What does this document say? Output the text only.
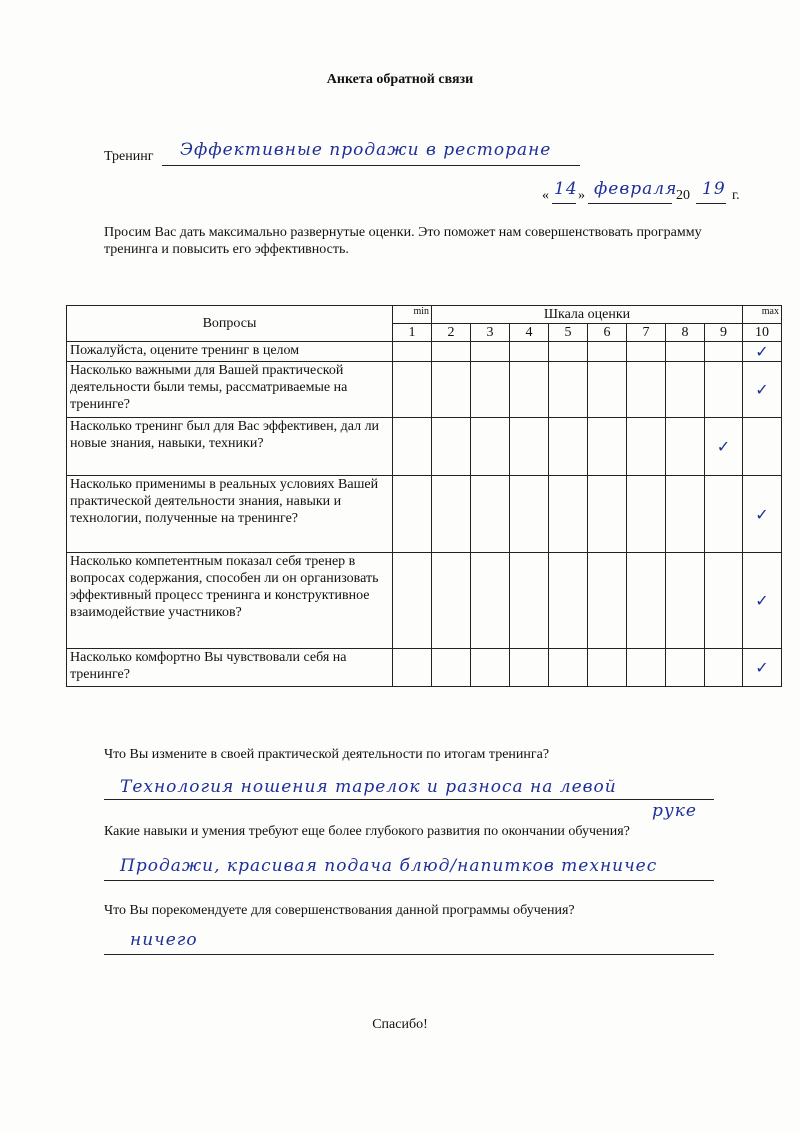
Анкета обратной связи
Тренинг Эффективные продажи в ресторане
« 14 » февраля
20 19 г.
Просим Вас дать максимально развернутые оценки. Это поможет нам совершенствовать программу тренинга и повысить его эффективность.
Вопросы	min	Шкала оценки								max
	1	2	3	4	5	6	7	8	9	10
Пожалуйста, оцените тренинг в целом										✓
Насколько важными для Вашей практической деятельности были темы, рассматриваемые на тренинге?										✓
Насколько тренинг был для Вас эффективен, дал ли новые знания, навыки, техники?									✓	
Насколько применимы в реальных условиях Вашей практической деятельности знания, навыки и технологии, полученные на тренинге?										✓
Насколько компетентным показал себя тренер в вопросах содержания, способен ли он организовать эффективный процесс тренинга и конструктивное взаимодействие участников?										✓
Насколько комфортно Вы чувствовали себя на тренинге?										✓
Что Вы измените в своей практической деятельности по итогам тренинга?
Технология ношения тарелок и разноса на левой
руке
Какие навыки и умения требуют еще более глубокого развития по окончании обучения?
Продажи, красивая подача блюд/напитков техничес
Что Вы порекомендуете для совершенствования данной программы обучения?
ничего
Спасибо!
